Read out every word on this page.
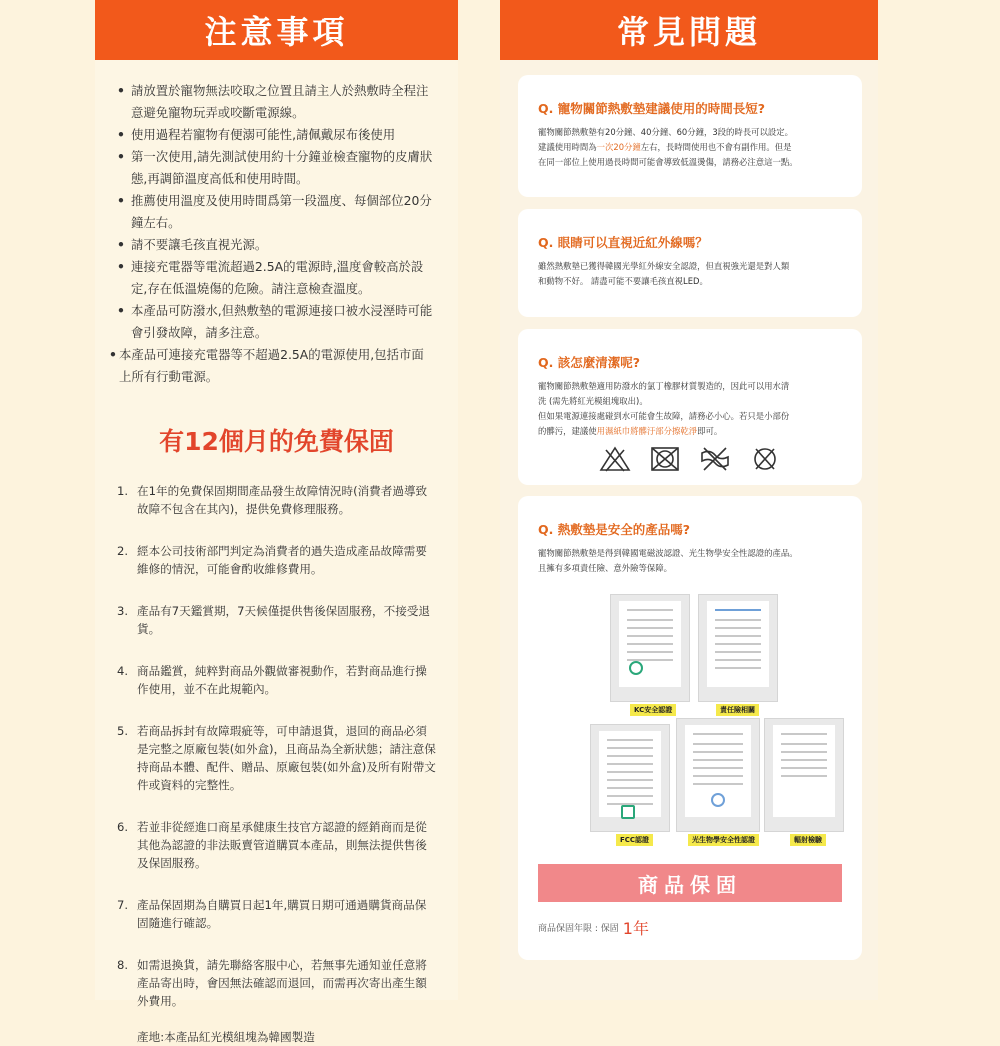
注意事項
• 請放置於寵物無法咬取之位置且請主人於熱敷時全程注意避免寵物玩弄或咬斷電源線。
• 使用過程若寵物有便溺可能性,請佩戴尿布後使用
• 第一次使用,請先測試使用約十分鐘並檢查寵物的皮膚狀態,再調節溫度高低和使用時間。
• 推薦使用溫度及使用時間爲第一段溫度、每個部位20分鐘左右。
• 請不要讓毛孩直視光源。
• 連接充電器等電流超過2.5A的電源時,溫度會較高於設定,存在低溫燒傷的危險。請注意檢查溫度。
• 本產品可防潑水,但熱敷墊的電源連接口被水浸溼時可能會引發故障，請多注意。
• 本產品可連接充電器等不超過2.5A的電源使用,包括市面上所有行動電源。
有12個月的免費保固
1. 在1年的免費保固期間產品發生故障情況時(消費者過導致故障不包含在其內)，提供免費修理服務。
2. 經本公司技術部門判定為消費者的過失造成產品故障需要維修的情況，可能會酌收維修費用。
3. 產品有7天鑑賞期，7天候僅提供售後保固服務，不接受退貨。
4. 商品鑑賞，純粹對商品外觀做審視動作，若對商品進行操作使用，並不在此規範內。
5. 若商品拆封有故障瑕疵等，可申請退貨，退回的商品必須是完整之原廠包裝(如外盒)，且商品為全新狀態；請注意保持商品本體、配件、贈品、原廠包裝(如外盒)及所有附帶文件或資料的完整性。
6. 若並非從經進口商星承健康生技官方認證的經銷商而是從其他為認證的非法販賣管道購買本產品，則無法提供售後及保固服務。
7. 產品保固期為自購買日起1年,購買日期可通過購貨商品保固隨進行確認。
8. 如需退換貨，請先聯絡客服中心，若無事先通知並任意將產品寄出時，會因無法確認而退回，而需再次寄出產生額外費用。
產地:本產品紅光模組塊為韓國製造
常見問題
Q. 寵物關節熱敷墊建議使用的時間長短?
寵物關節熱敷墊有20分鐘、40分鐘、60分鐘，3段的時長可以設定。
建議使用時間為一次20分鐘左右，長時間使用也不會有副作用。但是
在同一部位上使用過長時間可能會導致低溫燙傷，請務必注意這一點。
Q. 眼睛可以直視近紅外線嗎？
雖然熱敷墊已獲得韓國光學紅外線安全認證，但直視強光還是對人類
和動物不好。 請盡可能不要讓毛孩直視LED。
Q. 該怎麼清潔呢?
寵物關節熱敷墊適用防潑水的氯丁橡膠材質製造的，因此可以用水清
洗 (需先將紅光模組塊取出)。
但如果電源連接處碰到水可能會生故障，請務必小心。若只是小部份
的髒污，建議使用濕紙巾將髒汙部分擦乾淨即可。
Q. 熱敷墊是安全的產品嗎?
寵物關節熱敷墊是得到韓國電磁波認證、光生物學安全性認證的產品。
且擁有多項責任險、意外險等保障。
KC安全認證	責任險相關
FCC認證	光生物學安全性認證	輻射檢驗
商品保固
商品保固年限 : 保固 1年
